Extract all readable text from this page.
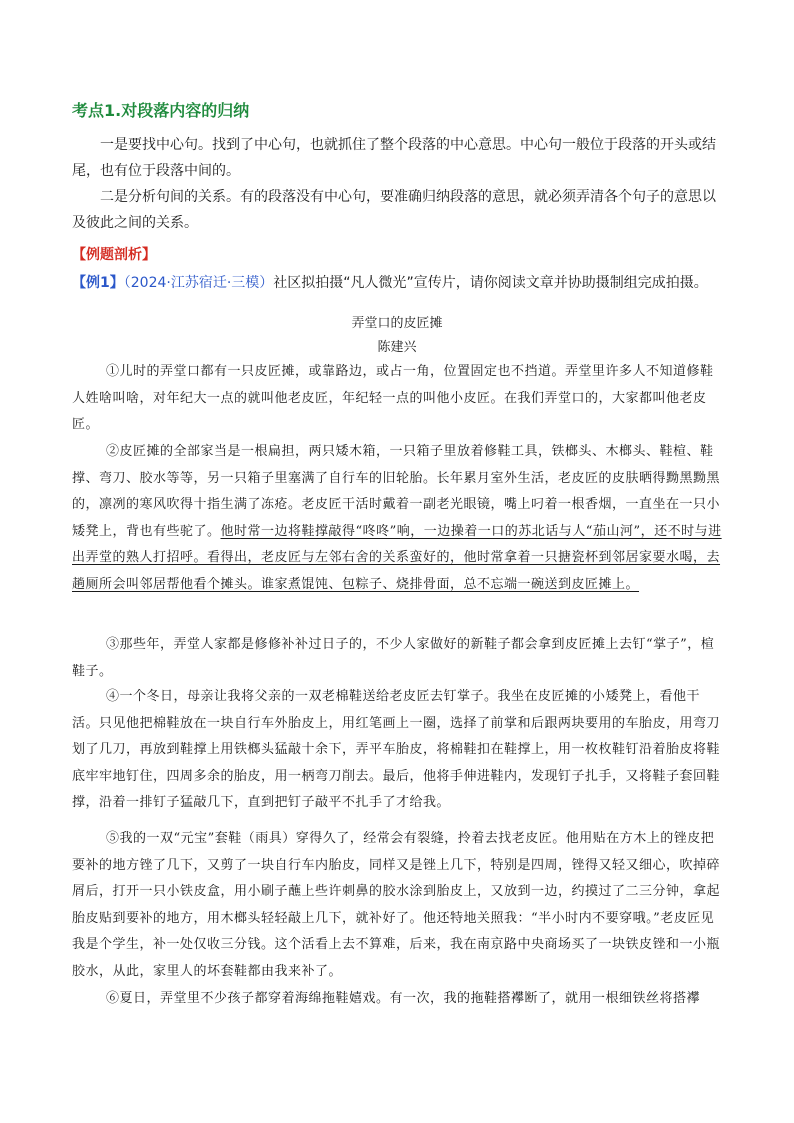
考点1.对段落内容的归纳
一是要找中心句。找到了中心句，也就抓住了整个段落的中心意思。中心句一般位于段落的开头或结尾，也有位于段落中间的。
二是分析句间的关系。有的段落没有中心句，要准确归纳段落的意思，就必须弄清各个句子的意思以及彼此之间的关系。
【例题剖析】
【例1】（2024·江苏宿迁·三模）社区拟拍摄“凡人微光”宣传片，请你阅读文章并协助摄制组完成拍摄。
弄堂口的皮匠摊
陈建兴
①儿时的弄堂口都有一只皮匠摊，或靠路边，或占一角，位置固定也不挡道。弄堂里许多人不知道修鞋人姓啥叫啥，对年纪大一点的就叫他老皮匠，年纪轻一点的叫他小皮匠。在我们弄堂口的，大家都叫他老皮匠。
②皮匠摊的全部家当是一根扁担，两只矮木箱，一只箱子里放着修鞋工具，铁榔头、木榔头、鞋楦、鞋撑、弯刀、胶水等等，另一只箱子里塞满了自行车的旧轮胎。长年累月室外生活，老皮匠的皮肤晒得黝黑黝黑的，凛冽的寒风吹得十指生满了冻疮。老皮匠干活时戴着一副老光眼镜，嘴上叼着一根香烟，一直坐在一只小矮凳上，背也有些驼了。他时常一边将鞋撑敲得“咚咚”响，一边操着一口的苏北话与人“茄山河”，还不时与进出弄堂的熟人打招呼。看得出，老皮匠与左邻右舍的关系蛮好的，他时常拿着一只搪瓷杯到邻居家要水喝，去趟厕所会叫邻居帮他看个摊头。谁家煮馄饨、包粽子、烧排骨面，总不忘端一碗送到皮匠摊上。
③那些年，弄堂人家都是修修补补过日子的，不少人家做好的新鞋子都会拿到皮匠摊上去钉“掌子”，楦鞋子。
④一个冬日，母亲让我将父亲的一双老棉鞋送给老皮匠去钉掌子。我坐在皮匠摊的小矮凳上，看他干活。只见他把棉鞋放在一块自行车外胎皮上，用红笔画上一圈，选择了前掌和后跟两块要用的车胎皮，用弯刀划了几刀，再放到鞋撑上用铁榔头猛敲十余下，弄平车胎皮，将棉鞋扣在鞋撑上，用一枚枚鞋钉沿着胎皮将鞋底牢牢地钉住，四周多余的胎皮，用一柄弯刀削去。最后，他将手伸进鞋内，发现钉子扎手，又将鞋子套回鞋撑，沿着一排钉子猛敲几下，直到把钉子敲平不扎手了才给我。
⑤我的一双“元宝”套鞋（雨具）穿得久了，经常会有裂缝，拎着去找老皮匠。他用贴在方木上的锉皮把要补的地方锉了几下，又剪了一块自行车内胎皮，同样又是锉上几下，特别是四周，锉得又轻又细心，吹掉碎屑后，打开一只小铁皮盒，用小刷子蘸上些许刺鼻的胶水涂到胎皮上，又放到一边，约摸过了二三分钟，拿起胎皮贴到要补的地方，用木榔头轻轻敲上几下，就补好了。他还特地关照我：“半小时内不要穿哦。”老皮匠见我是个学生，补一处仅收三分钱。这个活看上去不算难，后来，我在南京路中央商场买了一块铁皮锉和一小瓶胶水，从此，家里人的坏套鞋都由我来补了。
⑥夏日，弄堂里不少孩子都穿着海绵拖鞋嬉戏。有一次，我的拖鞋搭襻断了，就用一根细铁丝将搭襻
